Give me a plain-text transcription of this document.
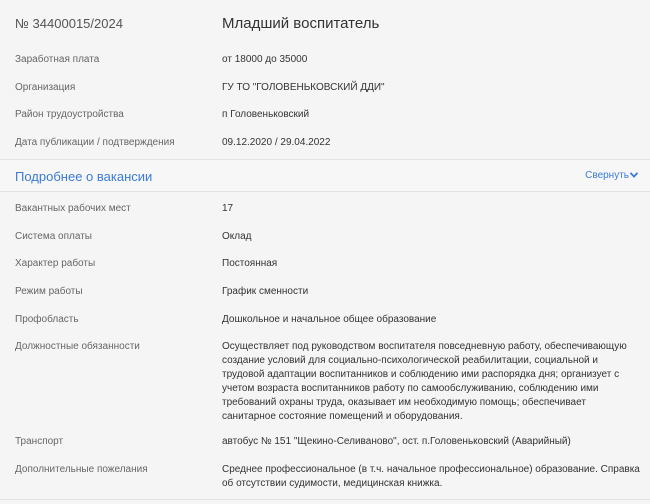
№ 34400015/2024	Младший воспитатель
Заработная плата	от 18000 до 35000
Организация	ГУ ТО "ГОЛОВЕНЬКОВСКИЙ ДДИ"
Район трудоустройства	п Головеньковский
Дата публикации / подтверждения	09.12.2020 / 29.04.2022
Подробнее о вакансии	Свернуть
Вакантных рабочих мест	17
Система оплаты	Оклад
Характер работы	Постоянная
Режим работы	График сменности
Профобласть	Дошкольное и начальное общее образование
Должностные обязанности	Осуществляет под руководством воспитателя повседневную работу, обеспечивающую создание условий для социально-психологической реабилитации, социальной и трудовой адаптации воспитанников и соблюдению ими распорядка дня; организует с учетом возраста воспитанников работу по самообслуживанию, соблюдению ими требований охраны труда, оказывает им необходимую помощь; обеспечивает санитарное состояние помещений и оборудования.
Транспорт	автобус № 151 "Щекино-Селиваново", ост. п.Головеньковский (Аварийный)
Дополнительные пожелания	Среднее профессиональное (в т.ч. начальное профессиональное) образование. Справка об отсутствии судимости, медицинская книжка.
